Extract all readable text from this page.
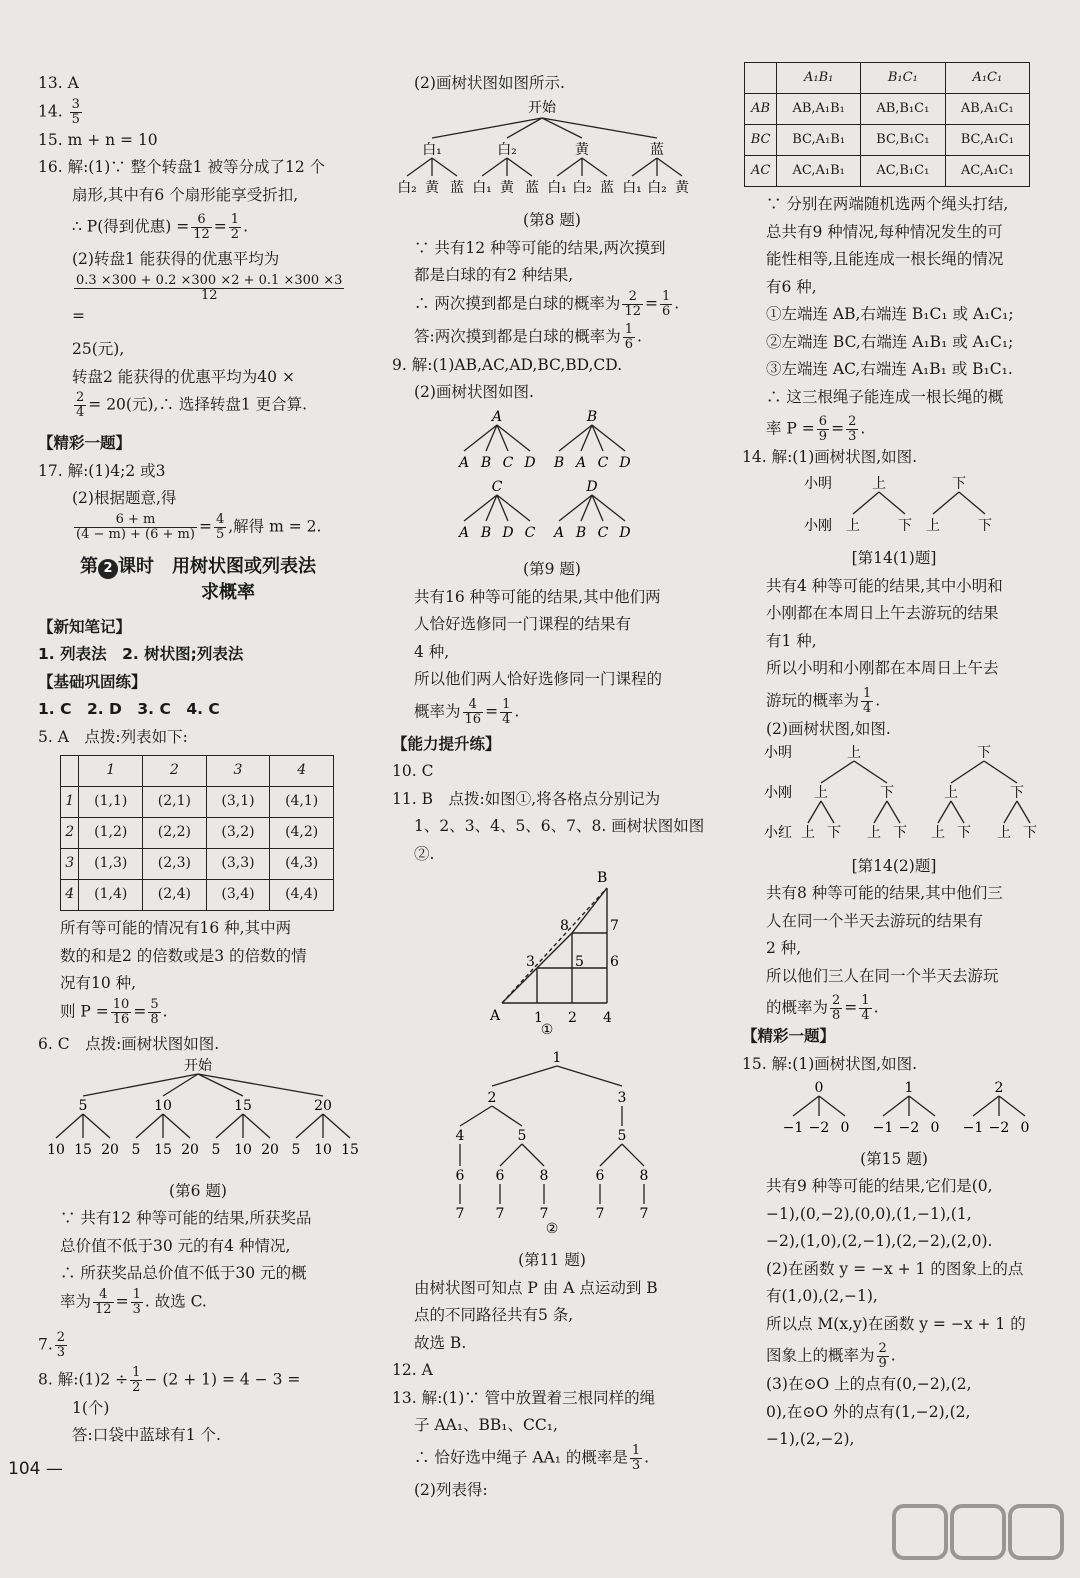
13. A

14. $\frac{3}{5}$

15. m + n = 10

16. 解:(1)∵ 整个转盘1 被等分成了12 个

扇形,其中有6 个扇形能享受折扣,

∴ P(得到优惠) = $\frac{6}{12} = \frac{1}{2}$ .

(2)转盘1 能获得的优惠平均为

$\frac{0.3 \times 300 + 0.2 \times 300 \times 2 + 0.1 \times 300 \times 3}{12}$
=

25(元),

转盘2 能获得的优惠平均为40 ×

$\frac{2}{4} = 20$(元),∴ 选择转盘1 更合算.

【精彩一题】

17. 解:(1)4;2 或3

(2)根据题意,得

$\frac{6 + m}{(4 - m) + (6 + m)} = \frac{4}{5}$ ,解得 m = 2.

第 2 课时　用树状图或列表法
求概率

【新知笔记】

1. 列表法　2. 树状图;列表法

【基础巩固练】

1. C　2. D　3. C　4. C

5. A　点拨:列表如下:

	1	2	3	4
1	(1,1)	(2,1)	(3,1)	(4,1)
2	(1,2)	(2,2)	(3,2)	(4,2)
3	(1,3)	(2,3)	(3,3)	(4,3)
4	(1,4)	(2,4)	(3,4)	(4,4)

所有等可能的情况有16 种,其中两

数的和是2 的倍数或是3 的倍数的情

况有10 种,

则 $P = \frac{10}{16} = \frac{5}{8}$ .

6. C　点拨:画树状图如图.

开始
5
10 15 20
10
5 15 20
15
5 10 20
20
5 10 15

(第6 题)

∵ 共有12 种等可能的结果,所获奖品

总价值不低于30 元的有4 种情况,

∴ 所获奖品总价值不低于30 元的概

率为 $\frac{4}{12} = \frac{1}{3}$ . 故选 C.

7. $\frac{2}{3}$

8. 解:(1)2 ÷ $\frac{1}{2} - (2 + 1) = 4 - 3$ =

1(个)

答:口袋中蓝球有1 个.

104 —

(2)画树状图如图所示.

开始
白₁
白₂ 黄 蓝
白₂
白₁ 黄 蓝
黄
白₁ 白₂ 蓝
蓝
白₁ 白₂ 黄

(第8 题)

∵ 共有12 种等可能的结果,两次摸到

都是白球的有2 种结果,

∴ 两次摸到都是白球的概率为 $\frac{2}{12} = \frac{1}{6}$ .

答:两次摸到都是白球的概率为 $\frac{1}{6}$ .

9. 解:(1)AB,AC,AD,BC,BD,CD.

(2)画树状图如图.

A
A B C D
B
B A C D
C
A B D C
D
A B C D

(第9 题)

共有16 种等可能的结果,其中他们两

人恰好选修同一门课程的结果有

4 种,

所以他们两人恰好选修同一门课程的

概率为 $\frac{4}{16} = \frac{1}{4}$ .

【能力提升练】

10. C

11. B　点拨:如图①,将各格点分别记为

1、2、3、4、5、6、7、8. 画树状图如图②.

B
A 1 2 4
3	5 6
8	7
①

1
2	3
4	5	5
6 6	8	6	8
7 7	7	7	7
②

(第11 题)

由树状图可知点 P 由 A 点运动到 B

点的不同路径共有5 条,

故选 B.

12. A

13. 解:(1)∵ 管中放置着三根同样的绳

子 AA₁、BB₁、CC₁,

∴ 恰好选中绳子 AA₁ 的概率是 $\frac{1}{3}$ .

(2)列表得:

	A₁B₁	B₁C₁	A₁C₁
AB	AB,A₁B₁	AB,B₁C₁	AB,A₁C₁
BC	BC,A₁B₁	BC,B₁C₁	BC,A₁C₁
AC	AC,A₁B₁	AC,B₁C₁	AC,A₁C₁

∵ 分别在两端随机选两个绳头打结,

总共有9 种情况,每种情况发生的可

能性相等,且能连成一根长绳的情况

有6 种,

①左端连 AB,右端连 B₁C₁ 或 A₁C₁;

②左端连 BC,右端连 A₁B₁ 或 A₁C₁;

③左端连 AC,右端连 A₁B₁ 或 B₁C₁.

∴ 这三根绳子能连成一根长绳的概

率 $P = \frac{6}{9} = \frac{2}{3}$ .

14. 解:(1)画树状图,如图.

小明
小刚
上
上	下
下
上	下

[第14(1)题]

共有4 种等可能的结果,其中小明和

小刚都在本周日上午去游玩的结果

有1 种,

所以小明和小刚都在本周日上午去

游玩的概率为 $\frac{1}{4}$ .

(2)画树状图,如图.

小明
小刚
小红
上
上
上 下
下
上 下
下
上
上 下
下
上 下

[第14(2)题]

共有8 种等可能的结果,其中他们三

人在同一个半天去游玩的结果有

2 种,

所以他们三人在同一个半天去游玩

的概率为 $\frac{2}{8} = \frac{1}{4}$ .

【精彩一题】

15. 解:(1)画树状图,如图.

0
−1 −2 0
1
−1 −2 0
2
−1 −2 0

(第15 题)

共有9 种等可能的结果,它们是(0,

−1),(0,−2),(0,0),(1,−1),(1,

−2),(1,0),(2,−1),(2,−2),(2,0).

(2)在函数 y = −x + 1 的图象上的点

有(1,0),(2,−1),

所以点 M(x,y)在函数 y = −x + 1 的

图象上的概率为 $\frac{2}{9}$ .

(3)在⊙O 上的点有(0,−2),(2,

0),在⊙O 外的点有(1,−2),(2,

−1),(2,−2),
